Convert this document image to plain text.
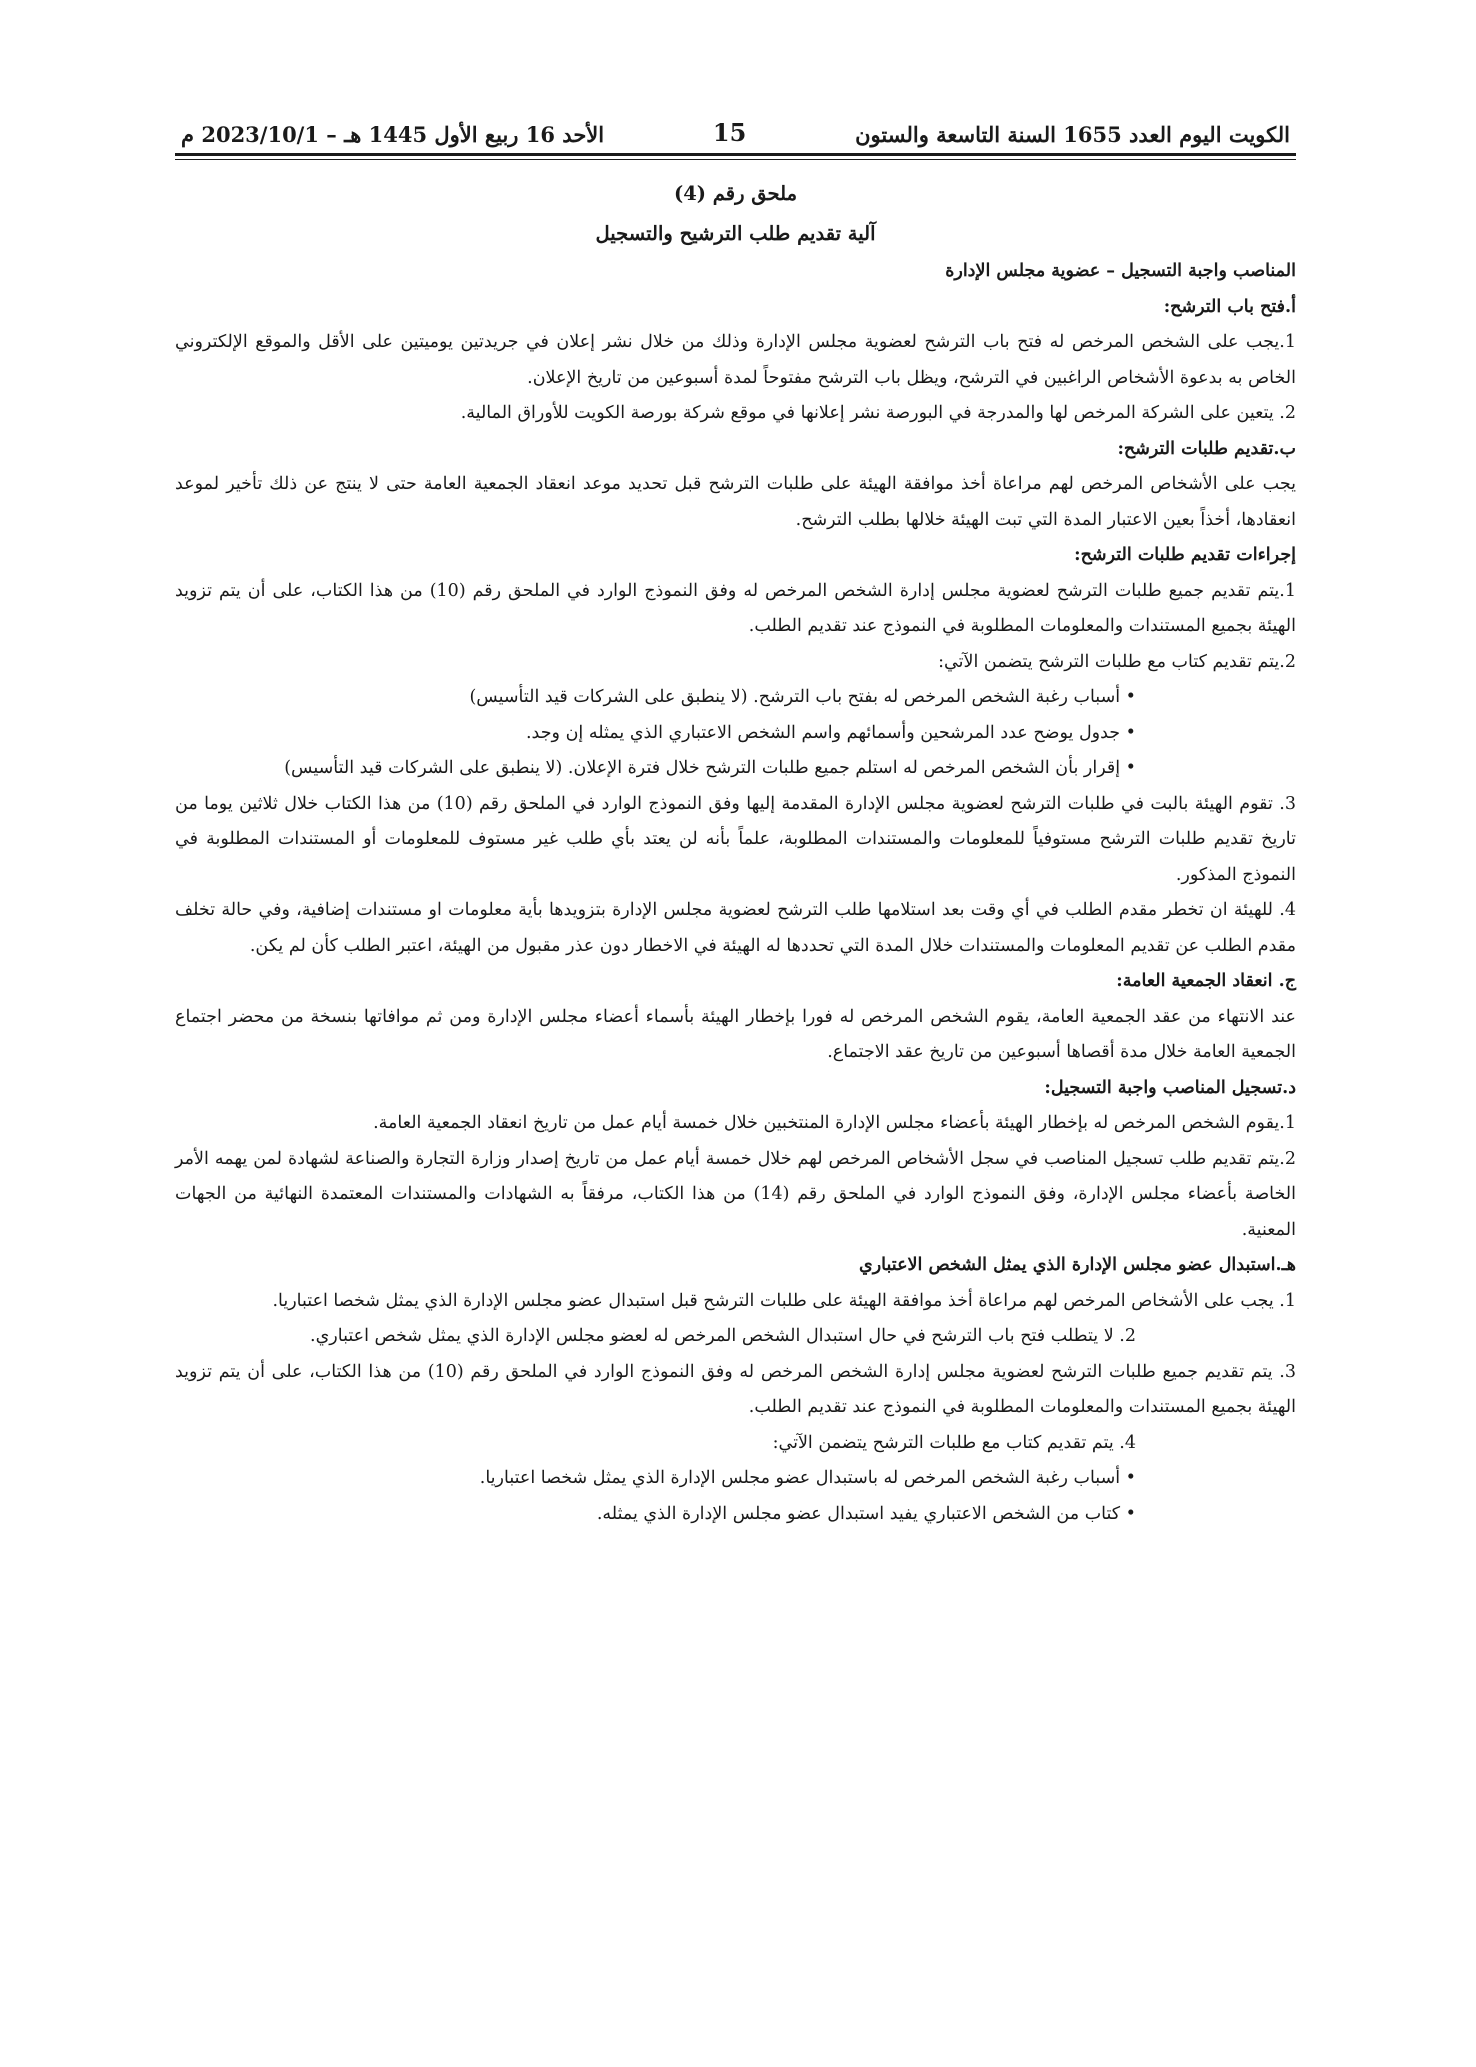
الكويت اليوم العدد 1655 السنة التاسعة والستون
15
الأحد 16 ربيع الأول 1445 هـ – 2023/10/1 م
ملحق رقم (4)
آلية تقديم طلب الترشيح والتسجيل

المناصب واجبة التسجيل – عضوية مجلس الإدارة

أ.فتح باب الترشح:

1.يجب على الشخص المرخص له فتح باب الترشح لعضوية مجلس الإدارة وذلك من خلال نشر إعلان في جريدتين يوميتين على الأقل والموقع الإلكتروني الخاص به بدعوة الأشخاص الراغبين في الترشح، ويظل باب الترشح مفتوحاً لمدة أسبوعين من تاريخ الإعلان.

2. يتعين على الشركة المرخص لها والمدرجة في البورصة نشر إعلانها في موقع شركة بورصة الكويت للأوراق المالية.

ب.تقديم طلبات الترشح:

يجب على الأشخاص المرخص لهم مراعاة أخذ موافقة الهيئة على طلبات الترشح قبل تحديد موعد انعقاد الجمعية العامة حتى لا ينتج عن ذلك تأخير لموعد انعقادها، أخذاً بعين الاعتبار المدة التي تبت الهيئة خلالها بطلب الترشح.

إجراءات تقديم طلبات الترشح:

1.يتم تقديم جميع طلبات الترشح لعضوية مجلس إدارة الشخص المرخص له وفق النموذج الوارد في الملحق رقم (10) من هذا الكتاب، على أن يتم تزويد الهيئة بجميع المستندات والمعلومات المطلوبة في النموذج عند تقديم الطلب.

2.يتم تقديم كتاب مع طلبات الترشح يتضمن الآتي:

• أسباب رغبة الشخص المرخص له بفتح باب الترشح. (لا ينطبق على الشركات قيد التأسيس)

• جدول يوضح عدد المرشحين وأسمائهم واسم الشخص الاعتباري الذي يمثله إن وجد.

• إقرار بأن الشخص المرخص له استلم جميع طلبات الترشح خلال فترة الإعلان. (لا ينطبق على الشركات قيد التأسيس)

3. تقوم الهيئة بالبت في طلبات الترشح لعضوية مجلس الإدارة المقدمة إليها وفق النموذج الوارد في الملحق رقم (10) من هذا الكتاب خلال ثلاثين يوما من تاريخ تقديم طلبات الترشح مستوفياً للمعلومات والمستندات المطلوبة، علماً بأنه لن يعتد بأي طلب غير مستوف للمعلومات أو المستندات المطلوبة في النموذج المذكور.

4. للهيئة ان تخطر مقدم الطلب في أي وقت بعد استلامها طلب الترشح لعضوية مجلس الإدارة بتزويدها بأية معلومات او مستندات إضافية، وفي حالة تخلف مقدم الطلب عن تقديم المعلومات والمستندات خلال المدة التي تحددها له الهيئة في الاخطار دون عذر مقبول من الهيئة، اعتبر الطلب كأن لم يكن.

ج. انعقاد الجمعية العامة:

عند الانتهاء من عقد الجمعية العامة، يقوم الشخص المرخص له فورا بإخطار الهيئة بأسماء أعضاء مجلس الإدارة ومن ثم موافاتها بنسخة من محضر اجتماع الجمعية العامة خلال مدة أقصاها أسبوعين من تاريخ عقد الاجتماع.

د.تسجيل المناصب واجبة التسجيل:

1.يقوم الشخص المرخص له بإخطار الهيئة بأعضاء مجلس الإدارة المنتخبين خلال خمسة أيام عمل من تاريخ انعقاد الجمعية العامة.

2.يتم تقديم طلب تسجيل المناصب في سجل الأشخاص المرخص لهم خلال خمسة أيام عمل من تاريخ إصدار وزارة التجارة والصناعة لشهادة لمن يهمه الأمر الخاصة بأعضاء مجلس الإدارة، وفق النموذج الوارد في الملحق رقم (14) من هذا الكتاب، مرفقاً به الشهادات والمستندات المعتمدة النهائية من الجهات المعنية.

هـ.استبدال عضو مجلس الإدارة الذي يمثل الشخص الاعتباري

1. يجب على الأشخاص المرخص لهم مراعاة أخذ موافقة الهيئة على طلبات الترشح قبل استبدال عضو مجلس الإدارة الذي يمثل شخصا اعتباريا.

2. لا يتطلب فتح باب الترشح في حال استبدال الشخص المرخص له لعضو مجلس الإدارة الذي يمثل شخص اعتباري.

3. يتم تقديم جميع طلبات الترشح لعضوية مجلس إدارة الشخص المرخص له وفق النموذج الوارد في الملحق رقم (10) من هذا الكتاب، على أن يتم تزويد الهيئة بجميع المستندات والمعلومات المطلوبة في النموذج عند تقديم الطلب.

4. يتم تقديم كتاب مع طلبات الترشح يتضمن الآتي:

• أسباب رغبة الشخص المرخص له باستبدال عضو مجلس الإدارة الذي يمثل شخصا اعتباريا.

• كتاب من الشخص الاعتباري يفيد استبدال عضو مجلس الإدارة الذي يمثله.
